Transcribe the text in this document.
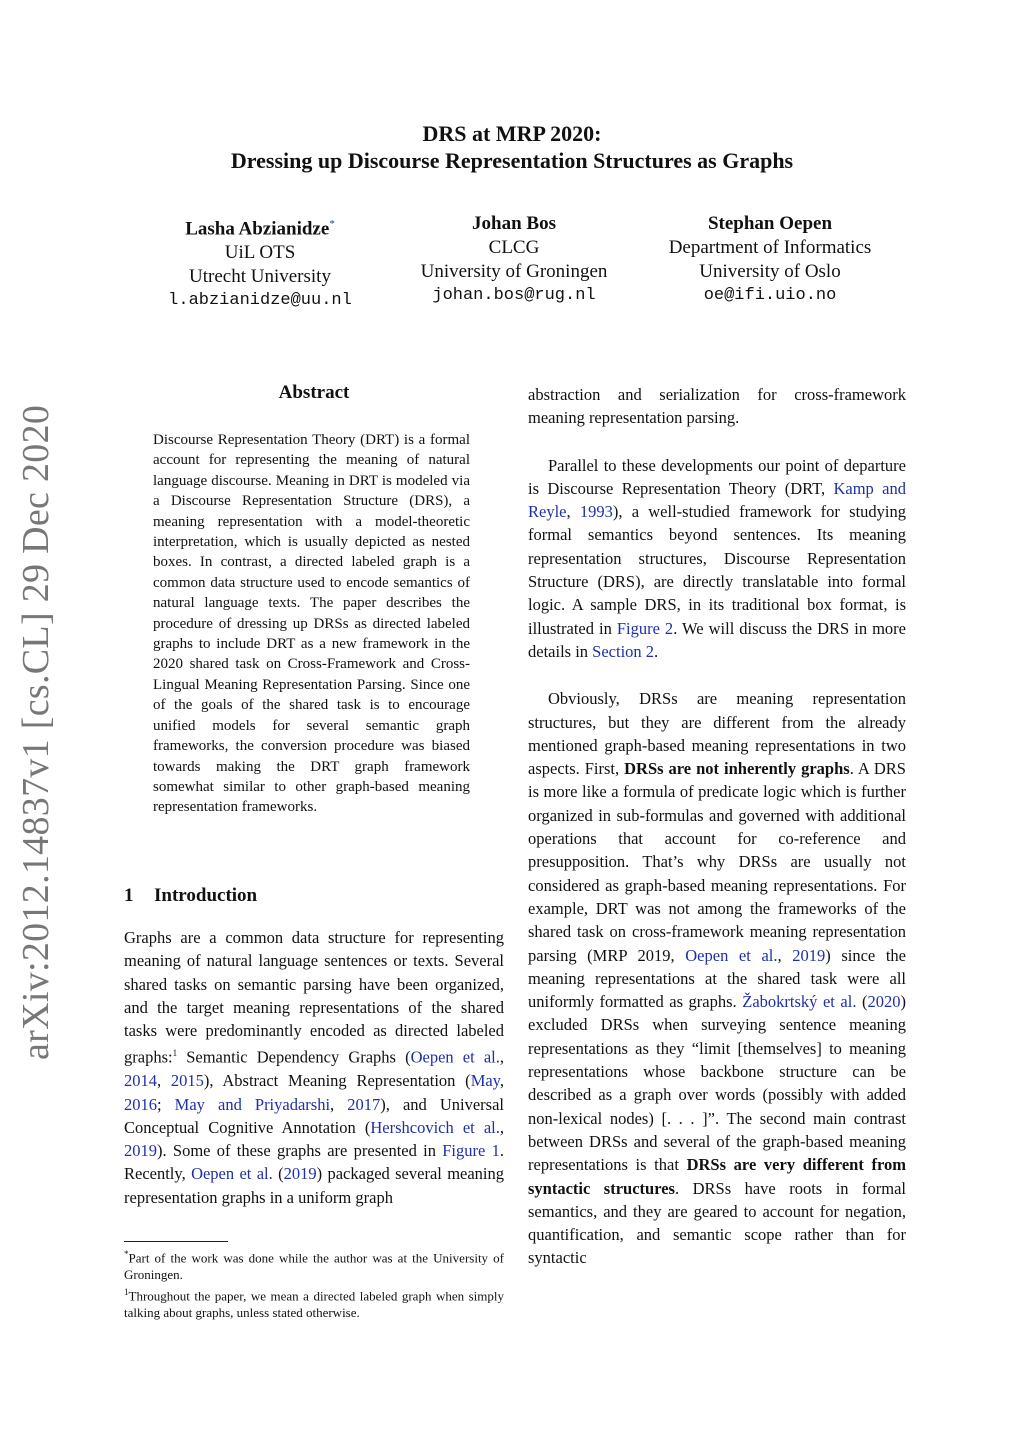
arXiv:2012.14837v1 [cs.CL] 29 Dec 2020
DRS at MRP 2020:
Dressing up Discourse Representation Structures as Graphs
Lasha Abzianidze*
UiL OTS
Utrecht University
l.abzianidze@uu.nl
Johan Bos
CLCG
University of Groningen
johan.bos@rug.nl
Stephan Oepen
Department of Informatics
University of Oslo
oe@ifi.uio.no
Abstract
Discourse Representation Theory (DRT) is a formal account for representing the meaning of natural language discourse. Meaning in DRT is modeled via a Discourse Representation Structure (DRS), a meaning representation with a model-theoretic interpretation, which is usually depicted as nested boxes. In contrast, a directed labeled graph is a common data structure used to encode semantics of natural language texts. The paper describes the procedure of dressing up DRSs as directed labeled graphs to include DRT as a new framework in the 2020 shared task on Cross-Framework and Cross-Lingual Meaning Representation Parsing. Since one of the goals of the shared task is to encourage unified models for several semantic graph frameworks, the conversion procedure was biased towards making the DRT graph framework somewhat similar to other graph-based meaning representation frameworks.
1 Introduction
Graphs are a common data structure for representing meaning of natural language sentences or texts. Several shared tasks on semantic parsing have been organized, and the target meaning representations of the shared tasks were predominantly encoded as directed labeled graphs:$^1$ Semantic Dependency Graphs (Oepen et al., 2014, 2015), Abstract Meaning Representation (May, 2016; May and Priyadarshi, 2017), and Universal Conceptual Cognitive Annotation (Hershcovich et al., 2019). Some of these graphs are presented in Figure 1. Recently, Oepen et al. (2019) packaged several meaning representation graphs in a uniform graph

*Part of the work was done while the author was at the University of Groningen.

$^1$Throughout the paper, we mean a directed labeled graph when simply talking about graphs, unless stated otherwise.

abstraction and serialization for cross-framework meaning representation parsing.

Parallel to these developments our point of departure is Discourse Representation Theory (DRT, Kamp and Reyle, 1993), a well-studied framework for studying formal semantics beyond sentences. Its meaning representation structures, Discourse Representation Structure (DRS), are directly translatable into formal logic. A sample DRS, in its traditional box format, is illustrated in Figure 2. We will discuss the DRS in more details in Section 2.

Obviously, DRSs are meaning representation structures, but they are different from the already mentioned graph-based meaning representations in two aspects. First, DRSs are not inherently graphs. A DRS is more like a formula of predicate logic which is further organized in sub-formulas and governed with additional operations that account for co-reference and presupposition. That’s why DRSs are usually not considered as graph-based meaning representations. For example, DRT was not among the frameworks of the shared task on cross-framework meaning representation parsing (MRP 2019, Oepen et al., 2019) since the meaning representations at the shared task were all uniformly formatted as graphs. Žabokrtský et al. (2020) excluded DRSs when surveying sentence meaning representations as they “limit [themselves] to meaning representations whose backbone structure can be described as a graph over words (possibly with added non-lexical nodes) [. . . ]”. The second main contrast between DRSs and several of the graph-based meaning representations is that DRSs are very different from syntactic structures. DRSs have roots in formal semantics, and they are geared to account for negation, quantification, and semantic scope rather than for syntactic
